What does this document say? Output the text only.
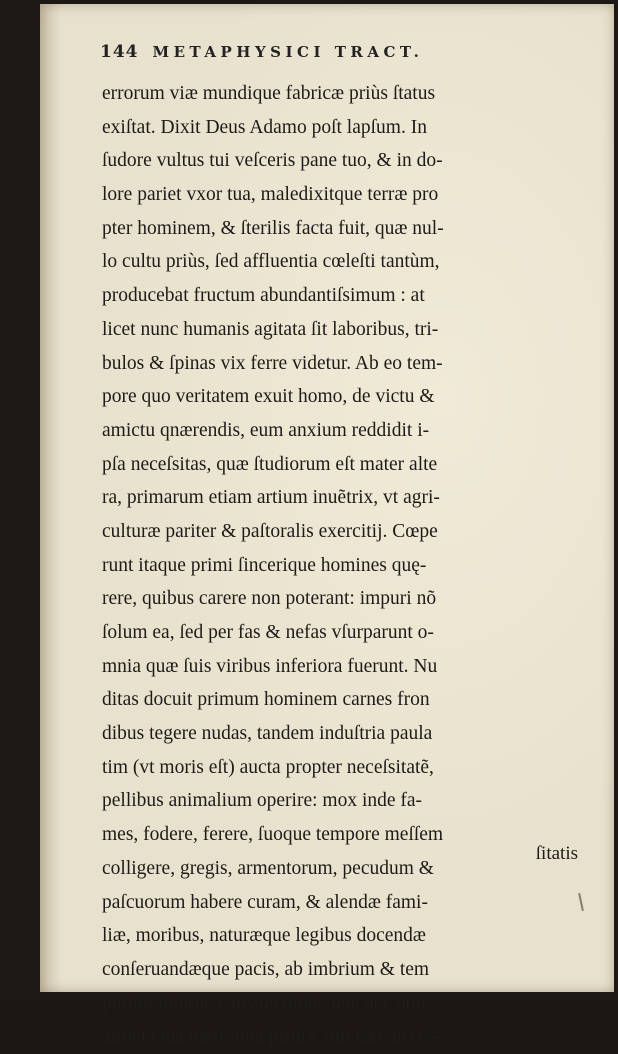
144 METAPHYSICI TRACT.
errorum viæ mundique fabricæ priùs ſtatus
exiſtat. Dixit Deus Adamo poſt lapſum. In
ſudore vultus tui veſceris pane tuo, & in do-
lore pariet vxor tua, maledixitque terræ pro
pter hominem, & ſterilis facta fuit, quæ nul-
lo cultu priùs, ſed affluentia cœleſti tantùm,
producebat fructum abundantiſsimum : at
licet nunc humanis agitata ſit laboribus, tri-
bulos & ſpinas vix ferre videtur. Ab eo tem-
pore quo veritatem exuit homo, de victu &
amictu qnærendis, eum anxium reddidit i-
pſa neceſsitas, quæ ſtudiorum eſt mater alte
ra, primarum etiam artium inuẽtrix, vt agri-
culturæ pariter & paſtoralis exercitij. Cœpe
runt itaque primi ſincerique homines quę-
rere, quibus carere non poterant: impuri nõ
ſolum ea, ſed per fas & nefas vſurparunt o-
mnia quæ ſuis viribus inferiora fuerunt. Nu
ditas docuit primum hominem carnes fron
dibus tegere nudas, tandem induſtria paula
tim (vt moris eſt) aucta propter neceſsitatẽ,
pellibus animalium operire: mox inde fa-
mes, fodere, ferere, ſuoque tempore meſſem
colligere, gregis, armentorum, pecudum &
paſcuorum habere curam, & alendæ fami-
liæ, moribus, naturæque legibus docendæ
conſeruandæque pacis, ab imbrium & tem
porum iniuria, caſis tectiſque ſeſe nec non
armẽta ſua tueri: tota primæ fuit hæc neceſ-
ſitatis
